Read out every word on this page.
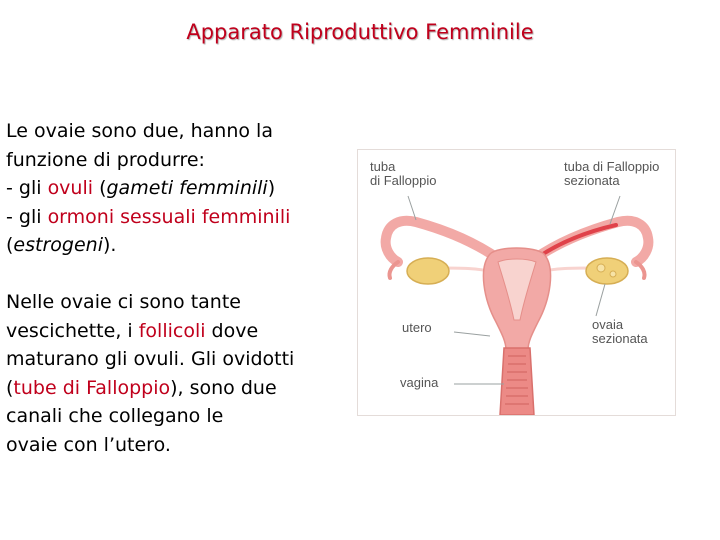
Apparato Riproduttivo Femminile
Le ovaie sono due, hanno la
funzione di produrre:
- gli ovuli (gameti femminili)
- gli ormoni sessuali femminili
(estrogeni).
Nelle ovaie ci sono tante
vescichette, i follicoli dove
maturano gli ovuli. Gli ovidotti
(tube di Falloppio), sono due
canali che collegano le
ovaie con l’utero.
tuba
di Falloppio
tuba di Falloppio
sezionata
utero	ovaia
sezionata
vagina
